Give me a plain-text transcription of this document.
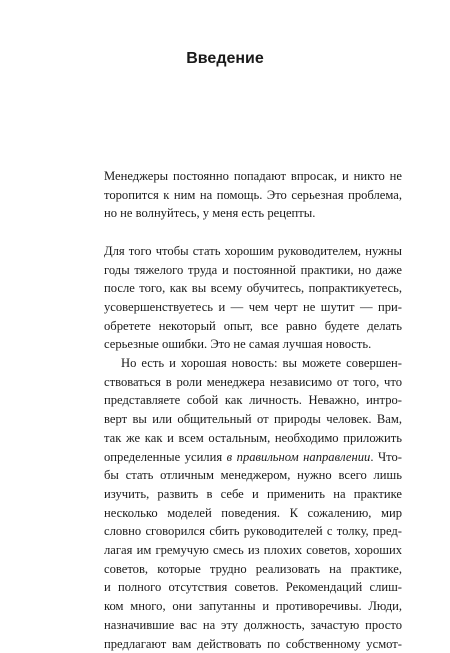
Введение

Менеджеры постоянно попадают впросак, и никто не
торопится к ним на помощь. Это серьезная проблема,
но не волнуйтесь, у меня есть рецепты.

Для того чтобы стать хорошим руководителем, нужны
годы тяжелого труда и постоянной практики, но даже
после того, как вы всему обучитесь, попрактикуетесь,
усовершенствуетесь и — чем черт не шутит — при-
обретете некоторый опыт, все равно будете делать
серьезные ошибки. Это не самая лучшая новость.

Но есть и хорошая новость: вы можете совершен-
ствоваться в роли менеджера независимо от того, что
представляете собой как личность. Неважно, интро-
верт вы или общительный от природы человек. Вам,
так же как и всем остальным, необходимо приложить
определенные усилия в правильном направлении. Что-
бы стать отличным менеджером, нужно всего лишь
изучить, развить в себе и применить на практике
несколько моделей поведения. К сожалению, мир
словно сговорился сбить руководителей с толку, пред-
лагая им гремучую смесь из плохих советов, хороших
советов, которые трудно реализовать на практике,
и полного отсутствия советов. Рекомендаций слиш-
ком много, они запутанны и противоречивы. Люди,
назначившие вас на эту должность, зачастую просто
предлагают вам действовать по собственному усмот-
